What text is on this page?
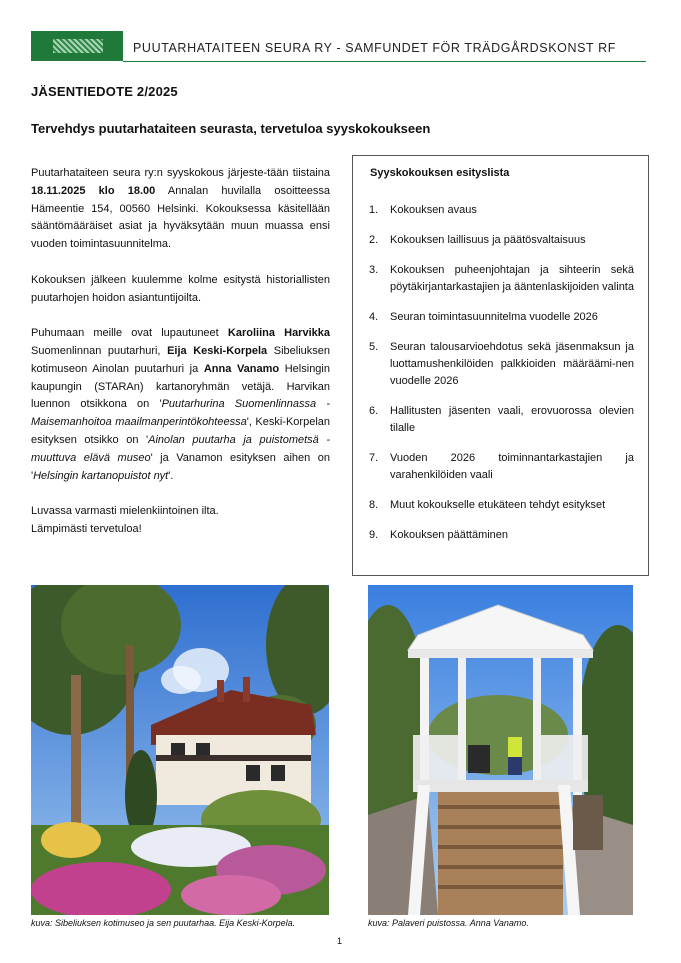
PUUTARHATAITEEN SEURA RY - SAMFUNDET FÖR TRÄDGÅRDSKONST RF
JÄSENTIEDOTE 2/2025
Tervehdys puutarhataiteen seurasta, tervetuloa syyskokoukseen

Puutarhataiteen seura ry:n syyskokous järjeste-tään tiistaina 18.11.2025 klo 18.00 Annalan huvilalla osoitteessa Hämeentie 154, 00560 Helsinki. Kokouksessa käsitellään sääntömääräiset asiat ja hyväksytään muun muassa ensi vuoden toimintasuunnitelma.

Kokouksen jälkeen kuulemme kolme esitystä historiallisten puutarhojen hoidon asiantuntijoilta.

Puhumaan meille ovat lupautuneet Karoliina Harvikka Suomenlinnan puutarhuri, Eija Keski-Korpela Sibeliuksen kotimuseon Ainolan puutarhuri ja Anna Vanamo Helsingin kaupungin (STARAn) kartanoryhmän vetäjä. Harvikan luennon otsikkona on 'Puutarhurina Suomenlinnassa - Maisemanhoitoa maailmanperintökohteessa', Keski-Korpelan esityksen otsikko on 'Ainolan puutarha ja puistometsä - muuttuva elävä museo' ja Vanamon esityksen aihen on 'Helsingin kartanopuistot nyt'.

Luvassa varmasti mielenkiintoinen ilta.
Lämpimästi tervetuloa!

Syyskokouksen esityslista
1.	Kokouksen avaus
2.	Kokouksen laillisuus ja päätösvaltaisuus
3.	Kokouksen puheenjohtajan ja sihteerin sekä pöytäkirjantarkastajien ja ääntenlaskijoiden valinta
4.	Seuran toimintasuunnitelma vuodelle 2026
5.	Seuran talousarvioehdotus sekä jäsenmaksun ja luottamushenkilöiden palkkioiden määräämi-nen vuodelle 2026
6.	Hallitusten jäsenten vaali, erovuorossa olevien tilalle
7.	Vuoden 2026 toiminnantarkastajien ja varahenkilöiden vaali
8.	Muut kokoukselle etukäteen tehdyt esitykset
9.	Kokouksen päättäminen
kuva: Sibeliuksen kotimuseo ja sen puutarhaa. Eija Keski-Korpela.	kuva: Palaveri puistossa. Anna Vanamo.
1
